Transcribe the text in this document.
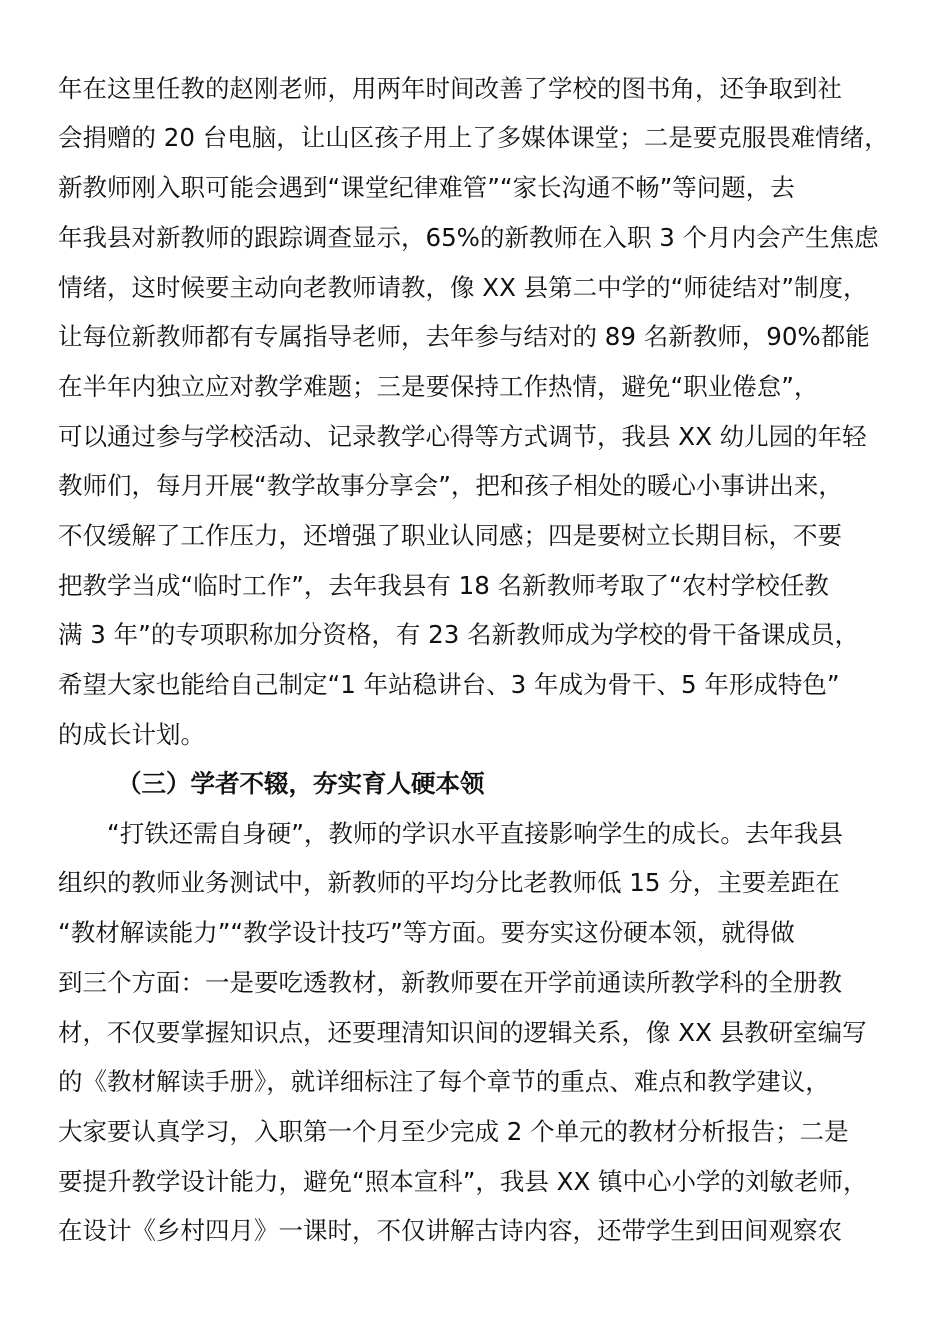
年在这里任教的赵刚老师，用两年时间改善了学校的图书角，还争取到社
会捐赠的 20 台电脑，让山区孩子用上了多媒体课堂；二是要克服畏难情绪，
新教师刚入职可能会遇到“课堂纪律难管”“家长沟通不畅”等问题，去
年我县对新教师的跟踪调查显示，65%的新教师在入职 3 个月内会产生焦虑
情绪，这时候要主动向老教师请教，像 XX 县第二中学的“师徒结对”制度，
让每位新教师都有专属指导老师，去年参与结对的 89 名新教师，90%都能
在半年内独立应对教学难题；三是要保持工作热情，避免“职业倦怠”，
可以通过参与学校活动、记录教学心得等方式调节，我县 XX 幼儿园的年轻
教师们，每月开展“教学故事分享会”，把和孩子相处的暖心小事讲出来，
不仅缓解了工作压力，还增强了职业认同感；四是要树立长期目标，不要
把教学当成“临时工作”，去年我县有 18 名新教师考取了“农村学校任教
满 3 年”的专项职称加分资格，有 23 名新教师成为学校的骨干备课成员，
希望大家也能给自己制定“1 年站稳讲台、3 年成为骨干、5 年形成特色”
的成长计划。
（三）学者不辍，夯实育人硬本领
“打铁还需自身硬”，教师的学识水平直接影响学生的成长。去年我县
组织的教师业务测试中，新教师的平均分比老教师低 15 分，主要差距在
“教材解读能力”“教学设计技巧”等方面。要夯实这份硬本领，就得做
到三个方面：一是要吃透教材，新教师要在开学前通读所教学科的全册教
材，不仅要掌握知识点，还要理清知识间的逻辑关系，像 XX 县教研室编写
的《教材解读手册》，就详细标注了每个章节的重点、难点和教学建议，
大家要认真学习，入职第一个月至少完成 2 个单元的教材分析报告；二是
要提升教学设计能力，避免“照本宣科”，我县 XX 镇中心小学的刘敏老师，
在设计《乡村四月》一课时，不仅讲解古诗内容，还带学生到田间观察农
